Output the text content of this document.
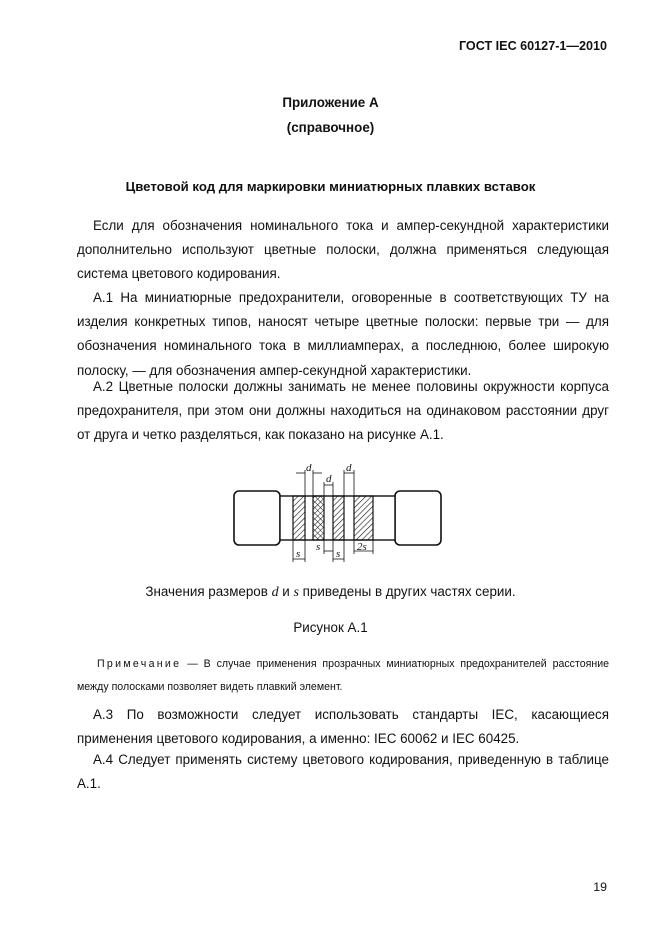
ГОСТ IEC 60127-1—2010
Приложение А
(справочное)
Цветовой код для маркировки миниатюрных плавких вставок

Если для обозначения номинального тока и ампер-секундной характеристики дополнительно используют цветные полоски, должна применяться следующая система цветового кодирования.

А.1 На миниатюрные предохранители, оговоренные в соответствующих ТУ на изделия конкретных типов, наносят четыре цветные полоски: первые три — для обозначения номинального тока в миллиамперах, а последнюю, более широкую полоску, — для обозначения ампер-секундной характеристики.

А.2 Цветные полоски должны занимать не менее половины окружности корпуса предохранителя, при этом они должны находиться на одинаковом расстоянии друг от друга и четко разделяться, как показано на рисунке А.1.

d
d
d
s
s
s
2s
Значения размеров d и s приведены в других частях серии.
Рисунок А.1

Примечание — В случае применения прозрачных миниатюрных предохранителей расстояние между полосками позволяет видеть плавкий элемент.

А.3 По возможности следует использовать стандарты IEC, касающиеся применения цветового кодирования, а именно: IEC 60062 и IEC 60425.

А.4 Следует применять систему цветового кодирования, приведенную в таблице А.1.

19
